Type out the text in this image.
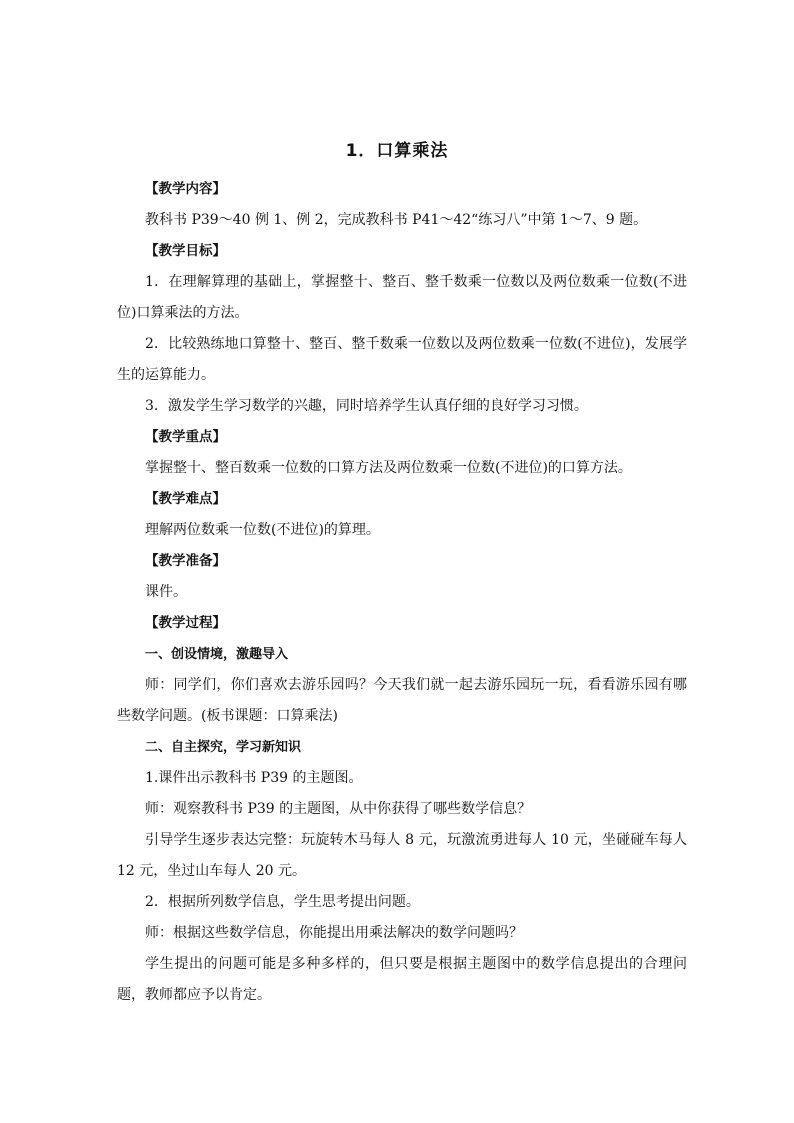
1．口算乘法

【教学内容】

教科书 P39～40 例 1、例 2，完成教科书 P41～42“练习八”中第 1～7、9 题。

【教学目标】

1．在理解算理的基础上，掌握整十、整百、整千数乘一位数以及两位数乘一位数(不进位)口算乘法的方法。

2．比较熟练地口算整十、整百、整千数乘一位数以及两位数乘一位数(不进位)，发展学生的运算能力。

3．激发学生学习数学的兴趣，同时培养学生认真仔细的良好学习习惯。

【教学重点】

掌握整十、整百数乘一位数的口算方法及两位数乘一位数(不进位)的口算方法。

【教学难点】

理解两位数乘一位数(不进位)的算理。

【教学准备】

课件。

【教学过程】

一、创设情境，激趣导入

师：同学们，你们喜欢去游乐园吗？今天我们就一起去游乐园玩一玩，看看游乐园有哪些数学问题。(板书课题：口算乘法)

二、自主探究，学习新知识

1.课件出示教科书 P39 的主题图。

师：观察教科书 P39 的主题图，从中你获得了哪些数学信息？

引导学生逐步表达完整：玩旋转木马每人 8 元，玩激流勇进每人 10 元，坐碰碰车每人 12 元，坐过山车每人 20 元。

2．根据所列数学信息，学生思考提出问题。

师：根据这些数学信息，你能提出用乘法解决的数学问题吗？

学生提出的问题可能是多种多样的，但只要是根据主题图中的数学信息提出的合理问题，教师都应予以肯定。
